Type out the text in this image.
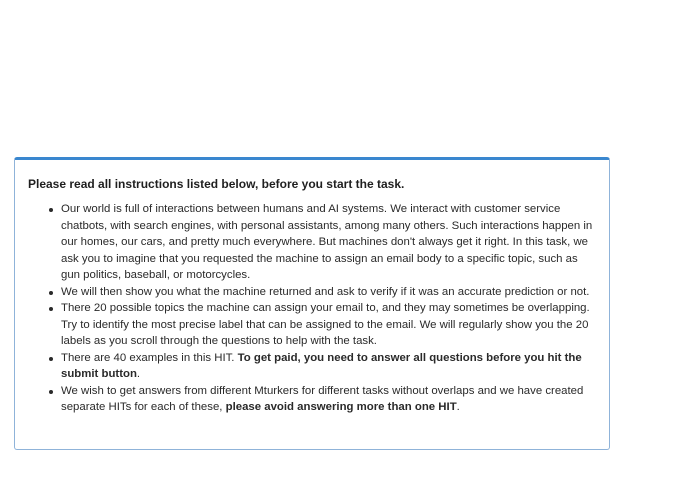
Please read all instructions listed below, before you start the task.
Our world is full of interactions between humans and AI systems. We interact with customer service chatbots, with search engines, with personal assistants, among many others. Such interactions happen in our homes, our cars, and pretty much everywhere. But machines don't always get it right. In this task, we ask you to imagine that you requested the machine to assign an email body to a specific topic, such as gun politics, baseball, or motorcycles.
We will then show you what the machine returned and ask to verify if it was an accurate prediction or not.
There 20 possible topics the machine can assign your email to, and they may sometimes be overlapping. Try to identify the most precise label that can be assigned to the email. We will regularly show you the 20 labels as you scroll through the questions to help with the task.
There are 40 examples in this HIT. To get paid, you need to answer all questions before you hit the submit button.
We wish to get answers from different Mturkers for different tasks without overlaps and we have created separate HITs for each of these, please avoid answering more than one HIT.
